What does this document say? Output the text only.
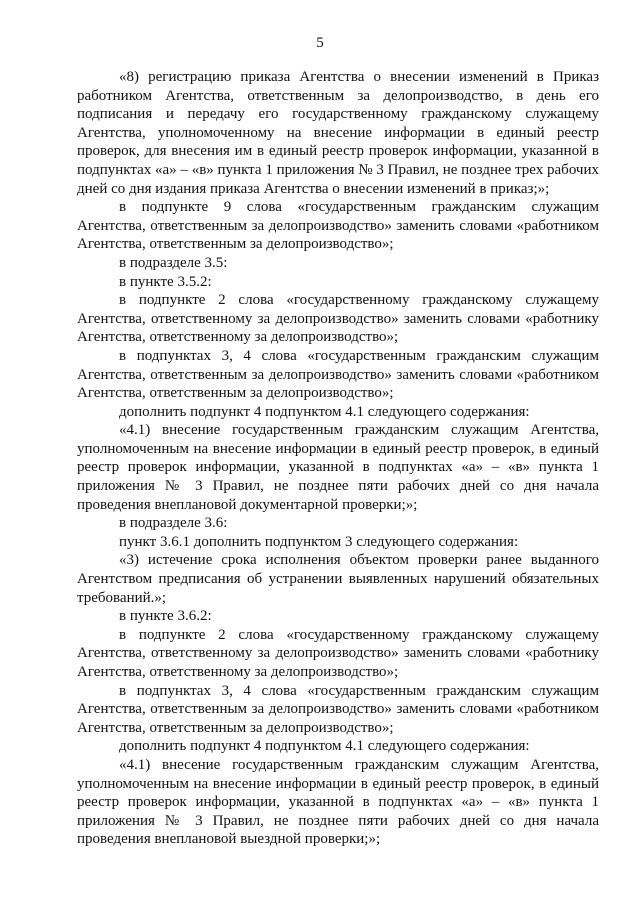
5

«8) регистрацию приказа Агентства о внесении изменений в Приказ работником Агентства, ответственным за делопроизводство, в день его подписания и передачу его государственному гражданскому служащему Агентства, уполномоченному на внесение информации в единый реестр проверок, для внесения им в единый реестр проверок информации, указанной в подпунктах «а» – «в» пункта 1 приложения № 3 Правил, не позднее трех рабочих дней со дня издания приказа Агентства о внесении изменений в приказ;»;

в подпункте 9 слова «государственным гражданским служащим Агентства, ответственным за делопроизводство» заменить словами «работником Агентства, ответственным за делопроизводство»;

в подразделе 3.5:

в пункте 3.5.2:

в подпункте 2 слова «государственному гражданскому служащему Агентства, ответственному за делопроизводство» заменить словами «работнику Агентства, ответственному за делопроизводство»;

в подпунктах 3, 4 слова «государственным гражданским служащим Агентства, ответственным за делопроизводство» заменить словами «работником Агентства, ответственным за делопроизводство»;

дополнить подпункт 4 подпунктом 4.1 следующего содержания:

«4.1) внесение государственным гражданским служащим Агентства, уполномоченным на внесение информации в единый реестр проверок, в единый реестр проверок информации, указанной в подпунктах «а» – «в» пункта 1 приложения № 3 Правил, не позднее пяти рабочих дней со дня начала проведения внеплановой документарной проверки;»;

в подразделе 3.6:

пункт 3.6.1 дополнить подпунктом 3 следующего содержания:

«3) истечение срока исполнения объектом проверки ранее выданного Агентством предписания об устранении выявленных нарушений обязательных требований.»;

в пункте 3.6.2:

в подпункте 2 слова «государственному гражданскому служащему Агентства, ответственному за делопроизводство» заменить словами «работнику Агентства, ответственному за делопроизводство»;

в подпунктах 3, 4 слова «государственным гражданским служащим Агентства, ответственным за делопроизводство» заменить словами «работником Агентства, ответственным за делопроизводство»;

дополнить подпункт 4 подпунктом 4.1 следующего содержания:

«4.1) внесение государственным гражданским служащим Агентства, уполномоченным на внесение информации в единый реестр проверок, в единый реестр проверок информации, указанной в подпунктах «а» – «в» пункта 1 приложения № 3 Правил, не позднее пяти рабочих дней со дня начала проведения внеплановой выездной проверки;»;
